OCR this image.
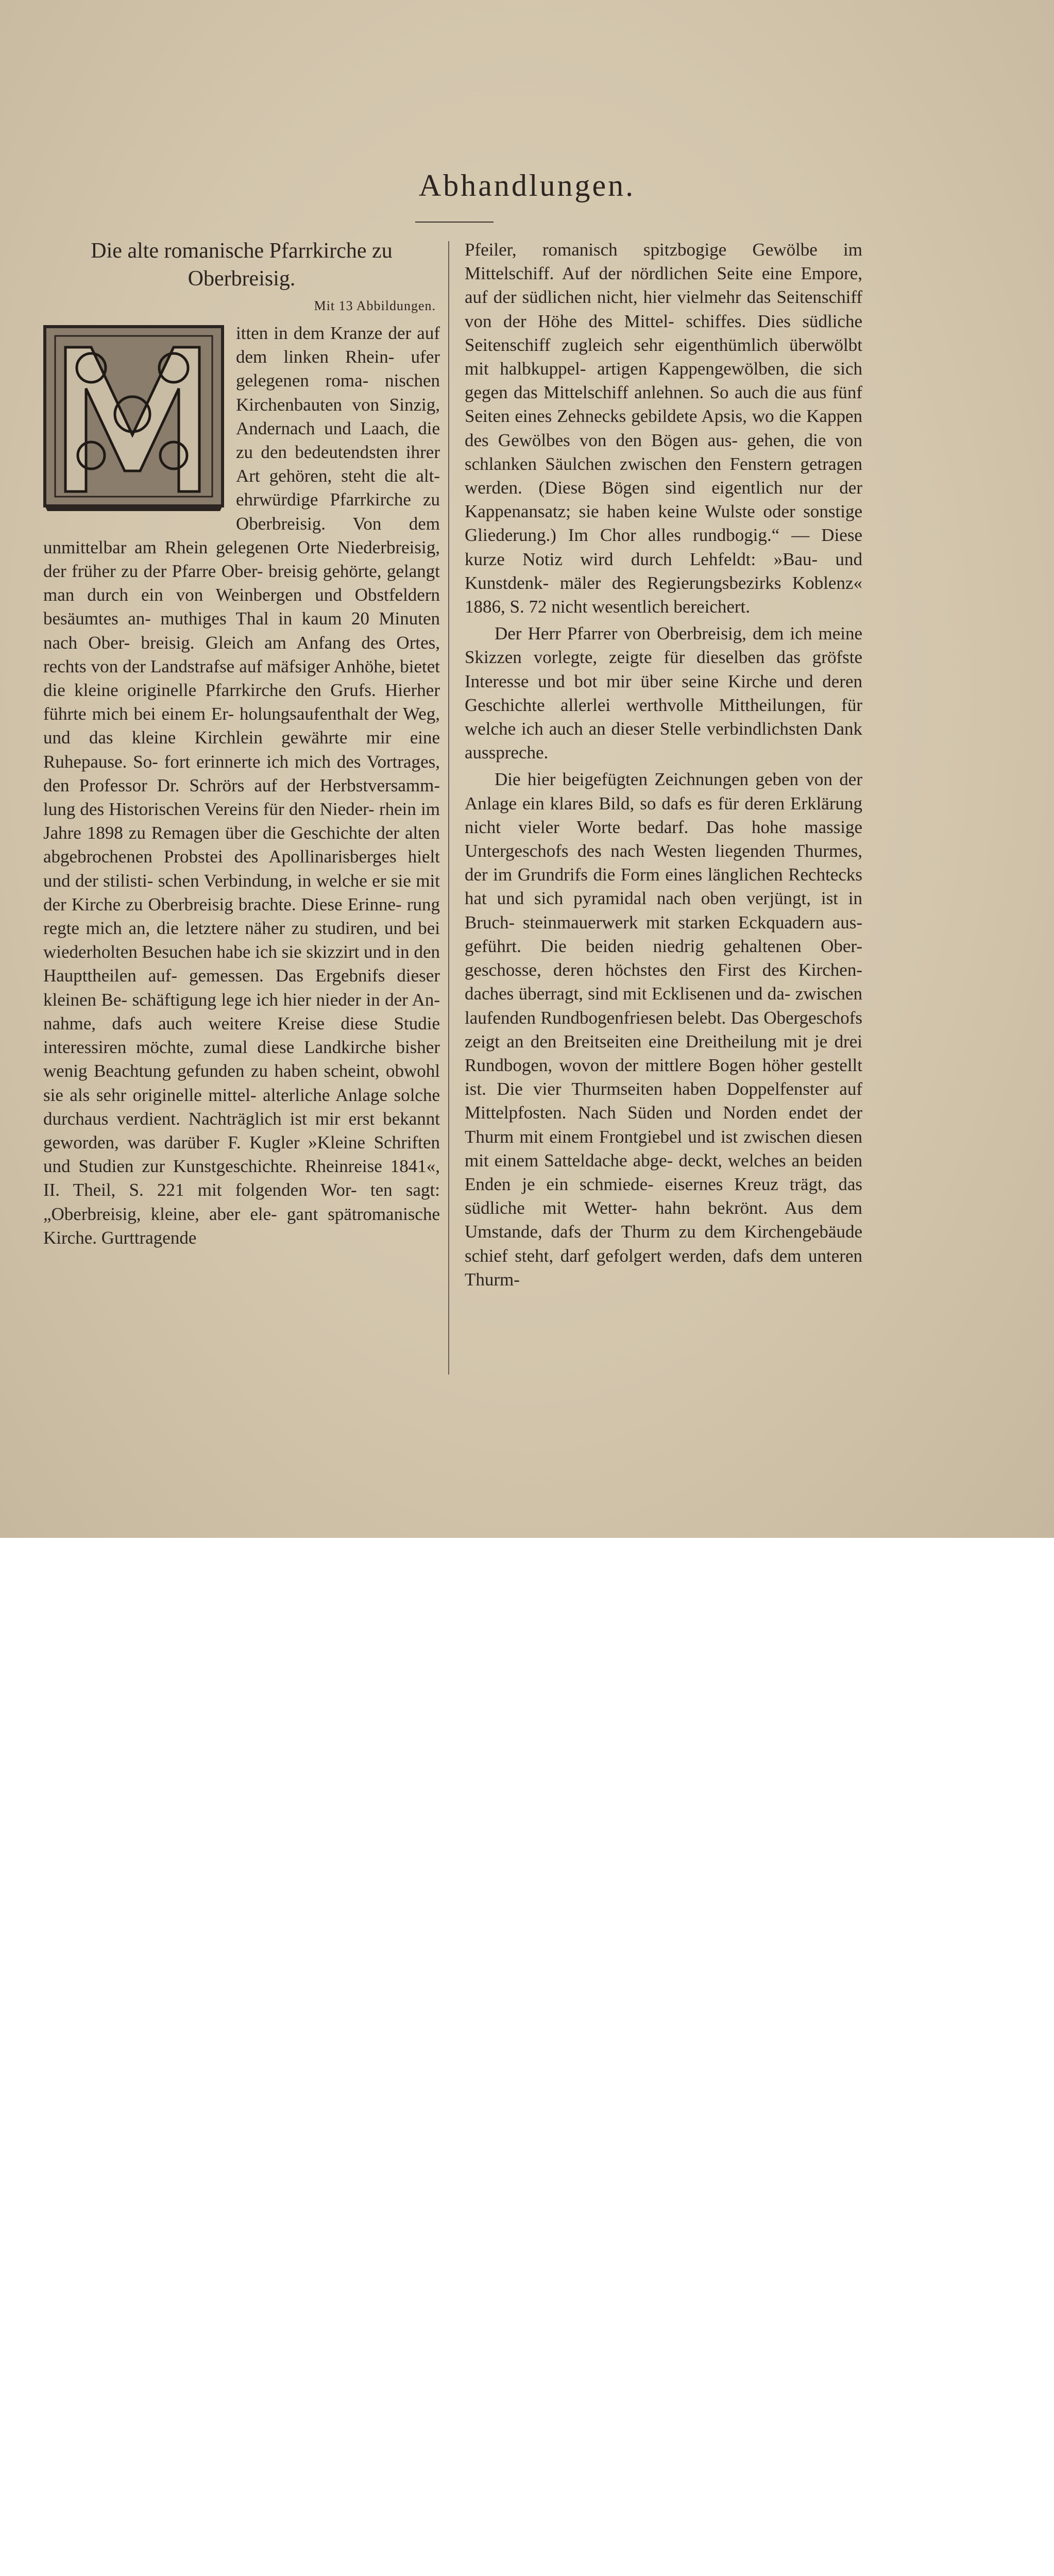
Abhandlungen.
Die alte romanische Pfarrkirche zu Oberbreisig.
Mit 13 Abbildungen.

itten in dem Kranze der auf dem linken Rhein- ufer gelegenen roma- nischen Kirchenbauten von Sinzig, Andernach und Laach, die zu den bedeutendsten ihrer Art gehören, steht die alt- ehrwürdige Pfarrkirche zu Oberbreisig. Von dem unmittelbar am Rhein gelegenen Orte Niederbreisig, der früher zu der Pfarre Ober- breisig gehörte, gelangt man durch ein von Weinbergen und Obstfeldern besäumtes an- muthiges Thal in kaum 20 Minuten nach Ober- breisig. Gleich am Anfang des Ortes, rechts von der Landstrafse auf mäfsiger Anhöhe, bietet die kleine originelle Pfarrkirche den Grufs. Hierher führte mich bei einem Er- holungsaufenthalt der Weg, und das kleine Kirchlein gewährte mir eine Ruhepause. So- fort erinnerte ich mich des Vortrages, den Professor Dr. Schrörs auf der Herbstversamm- lung des Historischen Vereins für den Nieder- rhein im Jahre 1898 zu Remagen über die Geschichte der alten abgebrochenen Probstei des Apollinarisberges hielt und der stilisti- schen Verbindung, in welche er sie mit der Kirche zu Oberbreisig brachte. Diese Erinne- rung regte mich an, die letztere näher zu studiren, und bei wiederholten Besuchen habe ich sie skizzirt und in den Haupttheilen auf- gemessen. Das Ergebnifs dieser kleinen Be- schäftigung lege ich hier nieder in der An- nahme, dafs auch weitere Kreise diese Studie interessiren möchte, zumal diese Landkirche bisher wenig Beachtung gefunden zu haben scheint, obwohl sie als sehr originelle mittel- alterliche Anlage solche durchaus verdient. Nachträglich ist mir erst bekannt geworden, was darüber F. Kugler »Kleine Schriften und Studien zur Kunstgeschichte. Rheinreise 1841«, II. Theil, S. 221 mit folgenden Wor- ten sagt: „Oberbreisig, kleine, aber ele- gant spätromanische Kirche. Gurttragende

Pfeiler, romanisch spitzbogige Gewölbe im Mittelschiff. Auf der nördlichen Seite eine Empore, auf der südlichen nicht, hier vielmehr das Seitenschiff von der Höhe des Mittel- schiffes. Dies südliche Seitenschiff zugleich sehr eigenthümlich überwölbt mit halbkuppel- artigen Kappengewölben, die sich gegen das Mittelschiff anlehnen. So auch die aus fünf Seiten eines Zehnecks gebildete Apsis, wo die Kappen des Gewölbes von den Bögen aus- gehen, die von schlanken Säulchen zwischen den Fenstern getragen werden. (Diese Bögen sind eigentlich nur der Kappenansatz; sie haben keine Wulste oder sonstige Gliederung.) Im Chor alles rundbogig.“ — Diese kurze Notiz wird durch Lehfeldt: »Bau- und Kunstdenk- mäler des Regierungsbezirks Koblenz« 1886, S. 72 nicht wesentlich bereichert.

Der Herr Pfarrer von Oberbreisig, dem ich meine Skizzen vorlegte, zeigte für dieselben das gröfste Interesse und bot mir über seine Kirche und deren Geschichte allerlei werthvolle Mittheilungen, für welche ich auch an dieser Stelle verbindlichsten Dank ausspreche.

Die hier beigefügten Zeichnungen geben von der Anlage ein klares Bild, so dafs es für deren Erklärung nicht vieler Worte bedarf. Das hohe massige Untergeschofs des nach Westen liegenden Thurmes, der im Grundrifs die Form eines länglichen Rechtecks hat und sich pyramidal nach oben verjüngt, ist in Bruch- steinmauerwerk mit starken Eckquadern aus- geführt. Die beiden niedrig gehaltenen Ober- geschosse, deren höchstes den First des Kirchen- daches überragt, sind mit Ecklisenen und da- zwischen laufenden Rundbogenfriesen belebt. Das Obergeschofs zeigt an den Breitseiten eine Dreitheilung mit je drei Rundbogen, wovon der mittlere Bogen höher gestellt ist. Die vier Thurmseiten haben Doppelfenster auf Mittelpfosten. Nach Süden und Norden endet der Thurm mit einem Frontgiebel und ist zwischen diesen mit einem Satteldache abge- deckt, welches an beiden Enden je ein schmiede- eisernes Kreuz trägt, das südliche mit Wetter- hahn bekrönt. Aus dem Umstande, dafs der Thurm zu dem Kirchengebäude schief steht, darf gefolgert werden, dafs dem unteren Thurm-
